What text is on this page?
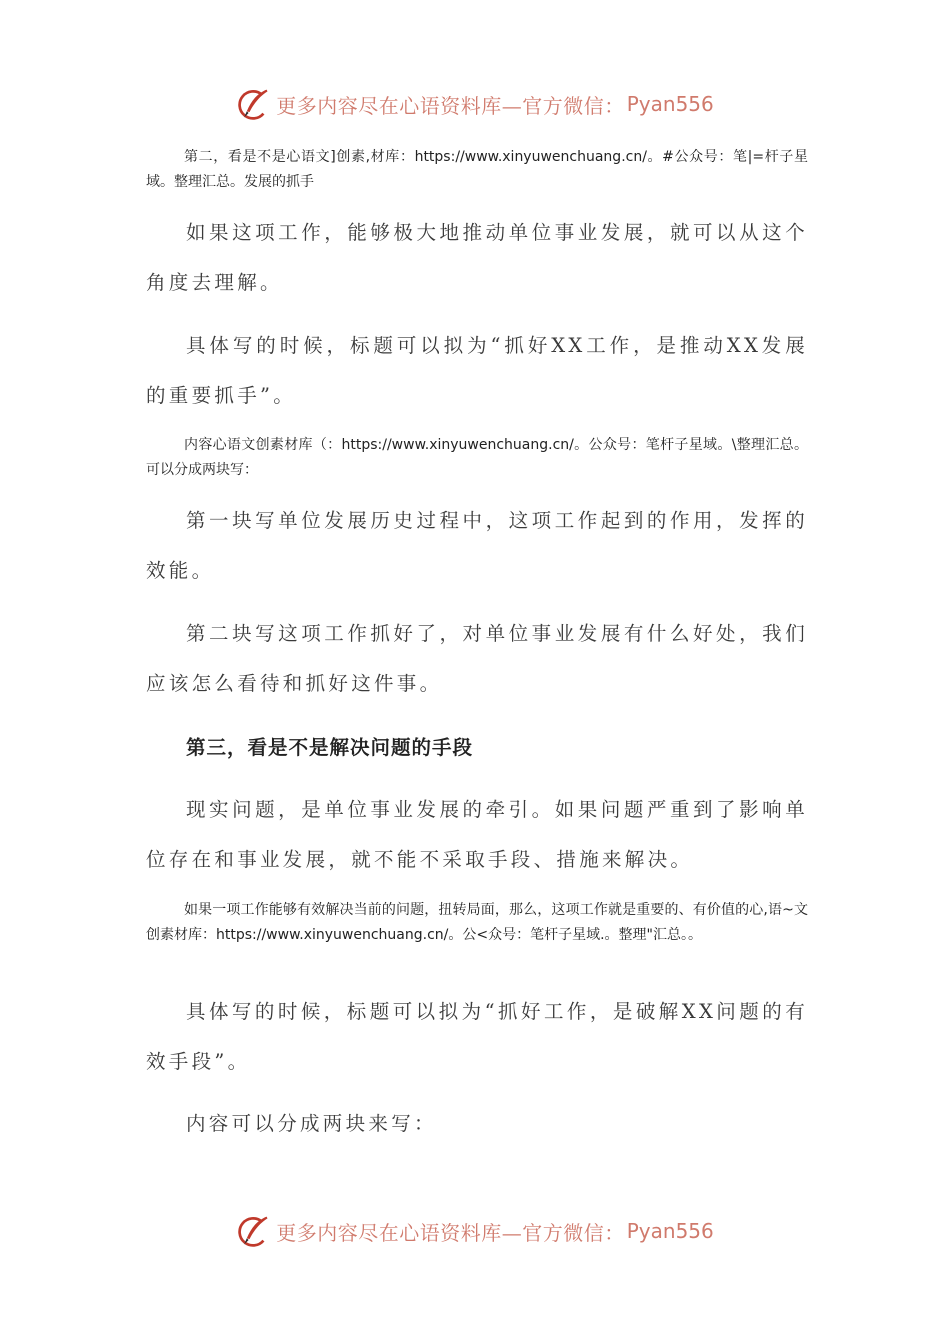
更多内容尽在心语资料库—官方微信： Pyan556

第二，看是不是心语文]创素,材库：https://www.xinyuwenchuang.cn/。#公众号：笔|=杆子星域。整理汇总。发展的抓手

如果这项工作，能够极大地推动单位事业发展，就可以从这个角度去理解。

具体写的时候，标题可以拟为“抓好XX工作，是推动XX发展的重要抓手”。

内容心语文创素材库（：https://www.xinyuwenchuang.cn/。公众号：笔杆子星域。\整理汇总。可以分成两块写：

第一块写单位发展历史过程中，这项工作起到的作用，发挥的效能。

第二块写这项工作抓好了，对单位事业发展有什么好处，我们应该怎么看待和抓好这件事。

第三，看是不是解决问题的手段

现实问题，是单位事业发展的牵引。如果问题严重到了影响单位存在和事业发展，就不能不采取手段、措施来解决。

如果一项工作能够有效解决当前的问题，扭转局面，那么，这项工作就是重要的、有价值的心,语~文创素材库：https://www.xinyuwenchuang.cn/。公<众号：笔杆子星域.。整理"汇总。。

具体写的时候，标题可以拟为“抓好工作，是破解XX问题的有效手段”。

内容可以分成两块来写：

更多内容尽在心语资料库—官方微信： Pyan556
